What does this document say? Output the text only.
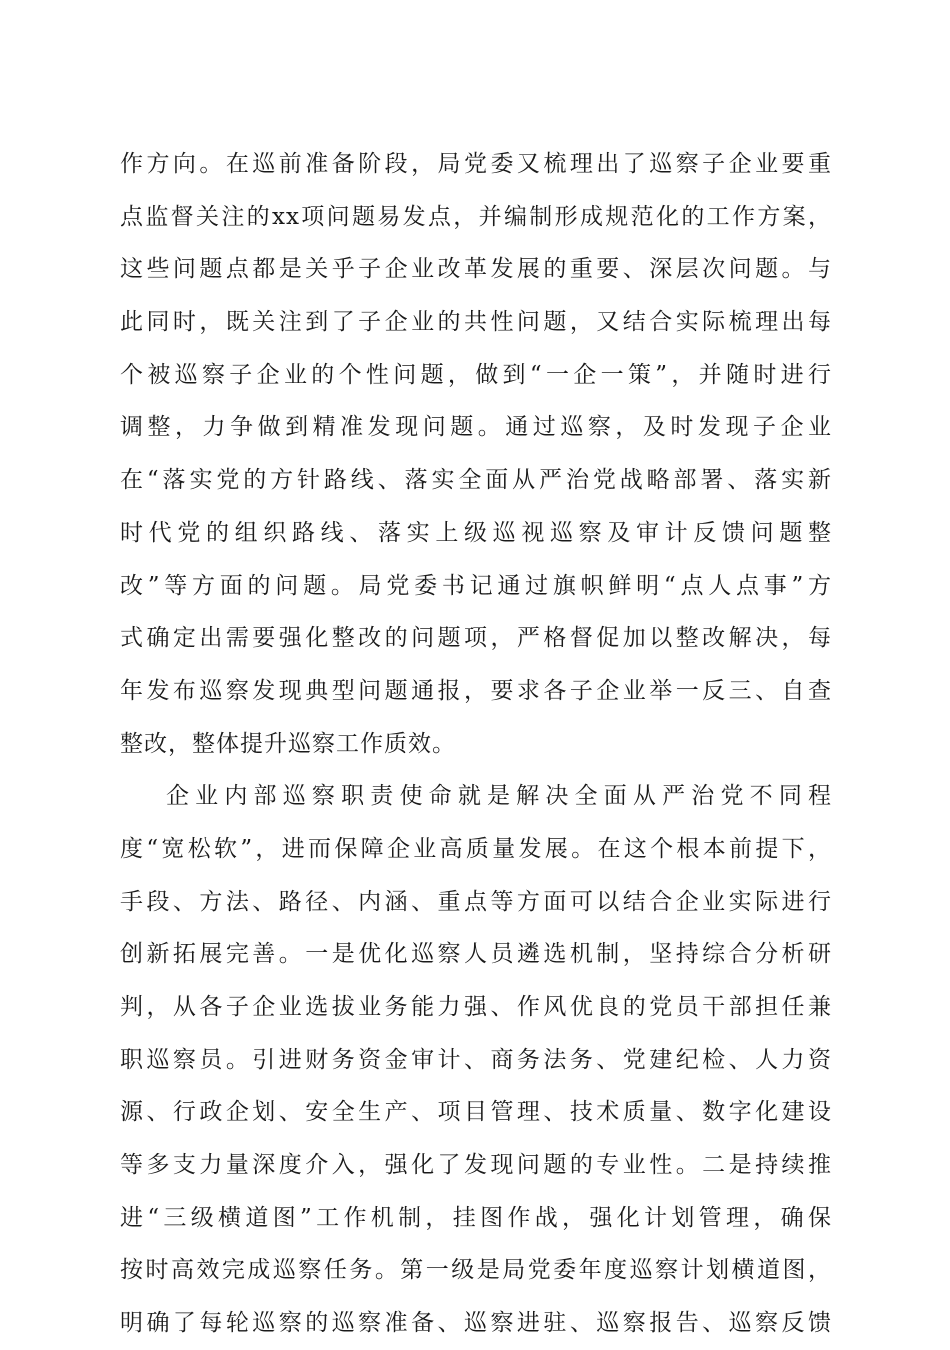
作方向。在巡前准备阶段，局党委又梳理出了巡察子企业要重
点监督关注的xx项问题易发点，并编制形成规范化的工作方案，
这些问题点都是关乎子企业改革发展的重要、深层次问题。与
此同时，既关注到了子企业的共性问题，又结合实际梳理出每
个被巡察子企业的个性问题，做到“一企一策”，并随时进行
调整，力争做到精准发现问题。通过巡察，及时发现子企业
在“落实党的方针路线、落实全面从严治党战略部署、落实新
时代党的组织路线、落实上级巡视巡察及审计反馈问题整
改”等方面的问题。局党委书记通过旗帜鲜明“点人点事”方
式确定出需要强化整改的问题项，严格督促加以整改解决，每
年发布巡察发现典型问题通报，要求各子企业举一反三、自查
整改，整体提升巡察工作质效。
企业内部巡察职责使命就是解决全面从严治党不同程
度“宽松软”，进而保障企业高质量发展。在这个根本前提下，
手段、方法、路径、内涵、重点等方面可以结合企业实际进行
创新拓展完善。一是优化巡察人员遴选机制，坚持综合分析研
判，从各子企业选拔业务能力强、作风优良的党员干部担任兼
职巡察员。引进财务资金审计、商务法务、党建纪检、人力资
源、行政企划、安全生产、项目管理、技术质量、数字化建设
等多支力量深度介入，强化了发现问题的专业性。二是持续推
进“三级横道图”工作机制，挂图作战，强化计划管理，确保
按时高效完成巡察任务。第一级是局党委年度巡察计划横道图，
明确了每轮巡察的巡察准备、巡察进驻、巡察报告、巡察反馈
